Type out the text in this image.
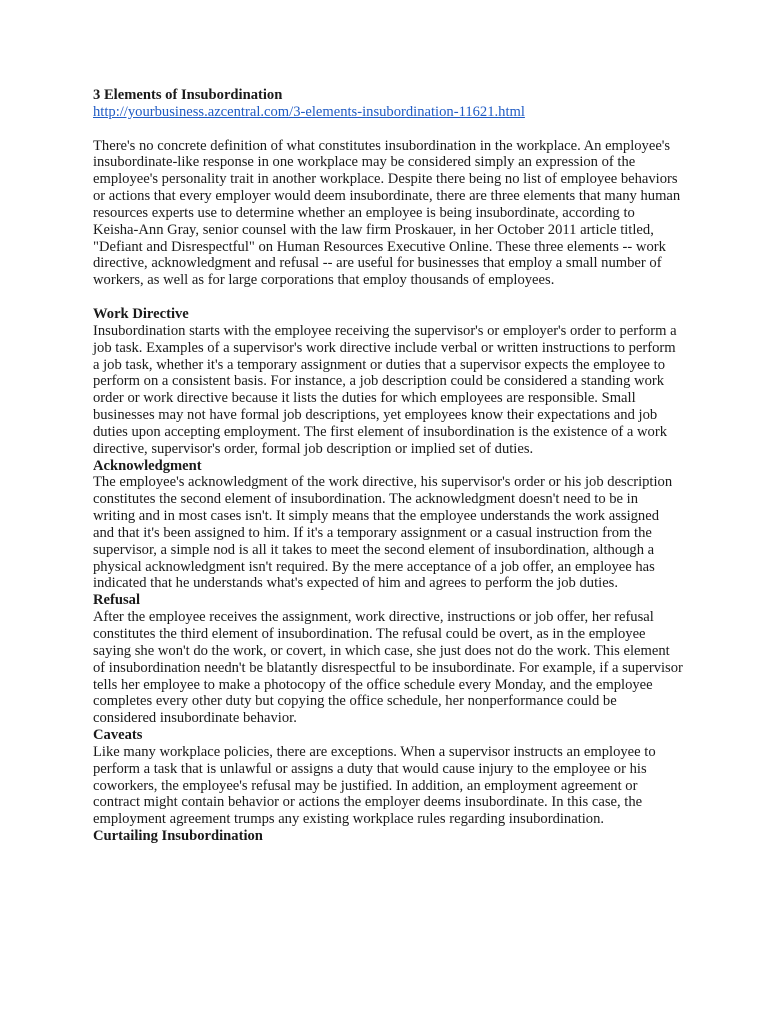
3 Elements of Insubordination
http://yourbusiness.azcentral.com/3-elements-insubordination-11621.html

There's no concrete definition of what constitutes insubordination in the workplace. An employee's insubordinate-like response in one workplace may be considered simply an expression of the employee's personality trait in another workplace. Despite there being no list of employee behaviors or actions that every employer would deem insubordinate, there are three elements that many human resources experts use to determine whether an employee is being insubordinate, according to Keisha-Ann Gray, senior counsel with the law firm Proskauer, in her October 2011 article titled, "Defiant and Disrespectful" on Human Resources Executive Online. These three elements -- work directive, acknowledgment and refusal -- are useful for businesses that employ a small number of workers, as well as for large corporations that employ thousands of employees.

Work Directive

Insubordination starts with the employee receiving the supervisor's or employer's order to perform a job task. Examples of a supervisor's work directive include verbal or written instructions to perform a job task, whether it's a temporary assignment or duties that a supervisor expects the employee to perform on a consistent basis. For instance, a job description could be considered a standing work order or work directive because it lists the duties for which employees are responsible. Small businesses may not have formal job descriptions, yet employees know their expectations and job duties upon accepting employment. The first element of insubordination is the existence of a work directive, supervisor's order, formal job description or implied set of duties.

Acknowledgment

The employee's acknowledgment of the work directive, his supervisor's order or his job description constitutes the second element of insubordination. The acknowledgment doesn't need to be in writing and in most cases isn't. It simply means that the employee understands the work assigned and that it's been assigned to him. If it's a temporary assignment or a casual instruction from the supervisor, a simple nod is all it takes to meet the second element of insubordination, although a physical acknowledgment isn't required. By the mere acceptance of a job offer, an employee has indicated that he understands what's expected of him and agrees to perform the job duties.

Refusal

After the employee receives the assignment, work directive, instructions or job offer, her refusal constitutes the third element of insubordination. The refusal could be overt, as in the employee saying she won't do the work, or covert, in which case, she just does not do the work. This element of insubordination needn't be blatantly disrespectful to be insubordinate. For example, if a supervisor tells her employee to make a photocopy of the office schedule every Monday, and the employee completes every other duty but copying the office schedule, her nonperformance could be considered insubordinate behavior.

Caveats

Like many workplace policies, there are exceptions. When a supervisor instructs an employee to perform a task that is unlawful or assigns a duty that would cause injury to the employee or his coworkers, the employee's refusal may be justified. In addition, an employment agreement or contract might contain behavior or actions the employer deems insubordinate. In this case, the employment agreement trumps any existing workplace rules regarding insubordination.

Curtailing Insubordination
